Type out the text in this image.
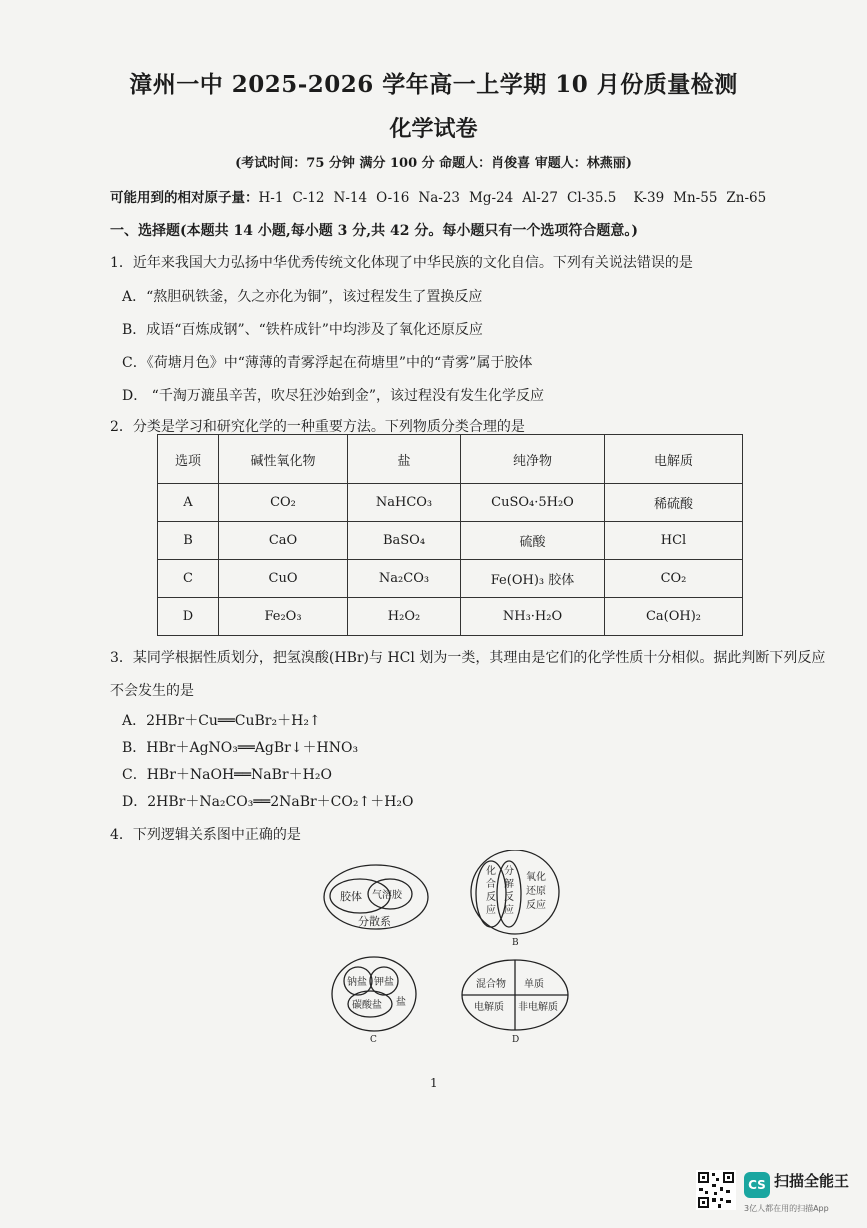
漳州一中 2025-2026 学年高一上学期 10 月份质量检测
化学试卷
(考试时间：75 分钟 满分 100 分 命题人：肖俊喜 审题人：林燕丽)
可能用到的相对原子量：H-1 C-12 N-14 O-16 Na-23 Mg-24 Al-27 Cl-35.5 K-39 Mn-55 Zn-65
一、选择题(本题共 14 小题,每小题 3 分,共 42 分。每小题只有一个选项符合题意。)
1．近年来我国大力弘扬中华优秀传统文化体现了中华民族的文化自信。下列有关说法错误的是
A．“熬胆矾铁釜，久之亦化为铜”，该过程发生了置换反应
B．成语“百炼成钢”、“铁杵成针”中均涉及了氧化还原反应
C．《荷塘月色》中“薄薄的青雾浮起在荷塘里”中的“青雾”属于胶体
D． “千淘万漉虽辛苦，吹尽狂沙始到金”，该过程没有发生化学反应
2．分类是学习和研究化学的一种重要方法。下列物质分类合理的是
选项	碱性氧化物	盐	纯净物	电解质
A	CO₂	NaHCO₃	CuSO₄·5H₂O	稀硫酸
B	CaO	BaSO₄	硫酸	HCl
C	CuO	Na₂CO₃	Fe(OH)₃ 胶体	CO₂
D	Fe₂O₃	H₂O₂	NH₃·H₂O	Ca(OH)₂
3．某同学根据性质划分，把氢溴酸(HBr)与 HCl 划为一类，其理由是它们的化学性质十分相似。据此判断下列反应
不会发生的是
A．2HBr＋Cu══CuBr₂＋H₂↑
B．HBr＋AgNO₃══AgBr↓＋HNO₃
C．HBr＋NaOH══NaBr＋H₂O
D．2HBr＋Na₂CO₃══2NaBr＋CO₂↑＋H₂O
4．下列逻辑关系图中正确的是
胶体 气溶胶
分散系
化 合 反 应
分 解 反 应
氧化 还原 反应
B
钠盐 钾盐
碳酸盐 盐
C
混合物 单质
电解质 非电解质
D
1
CS 扫描全能王
3亿人都在用的扫描App
